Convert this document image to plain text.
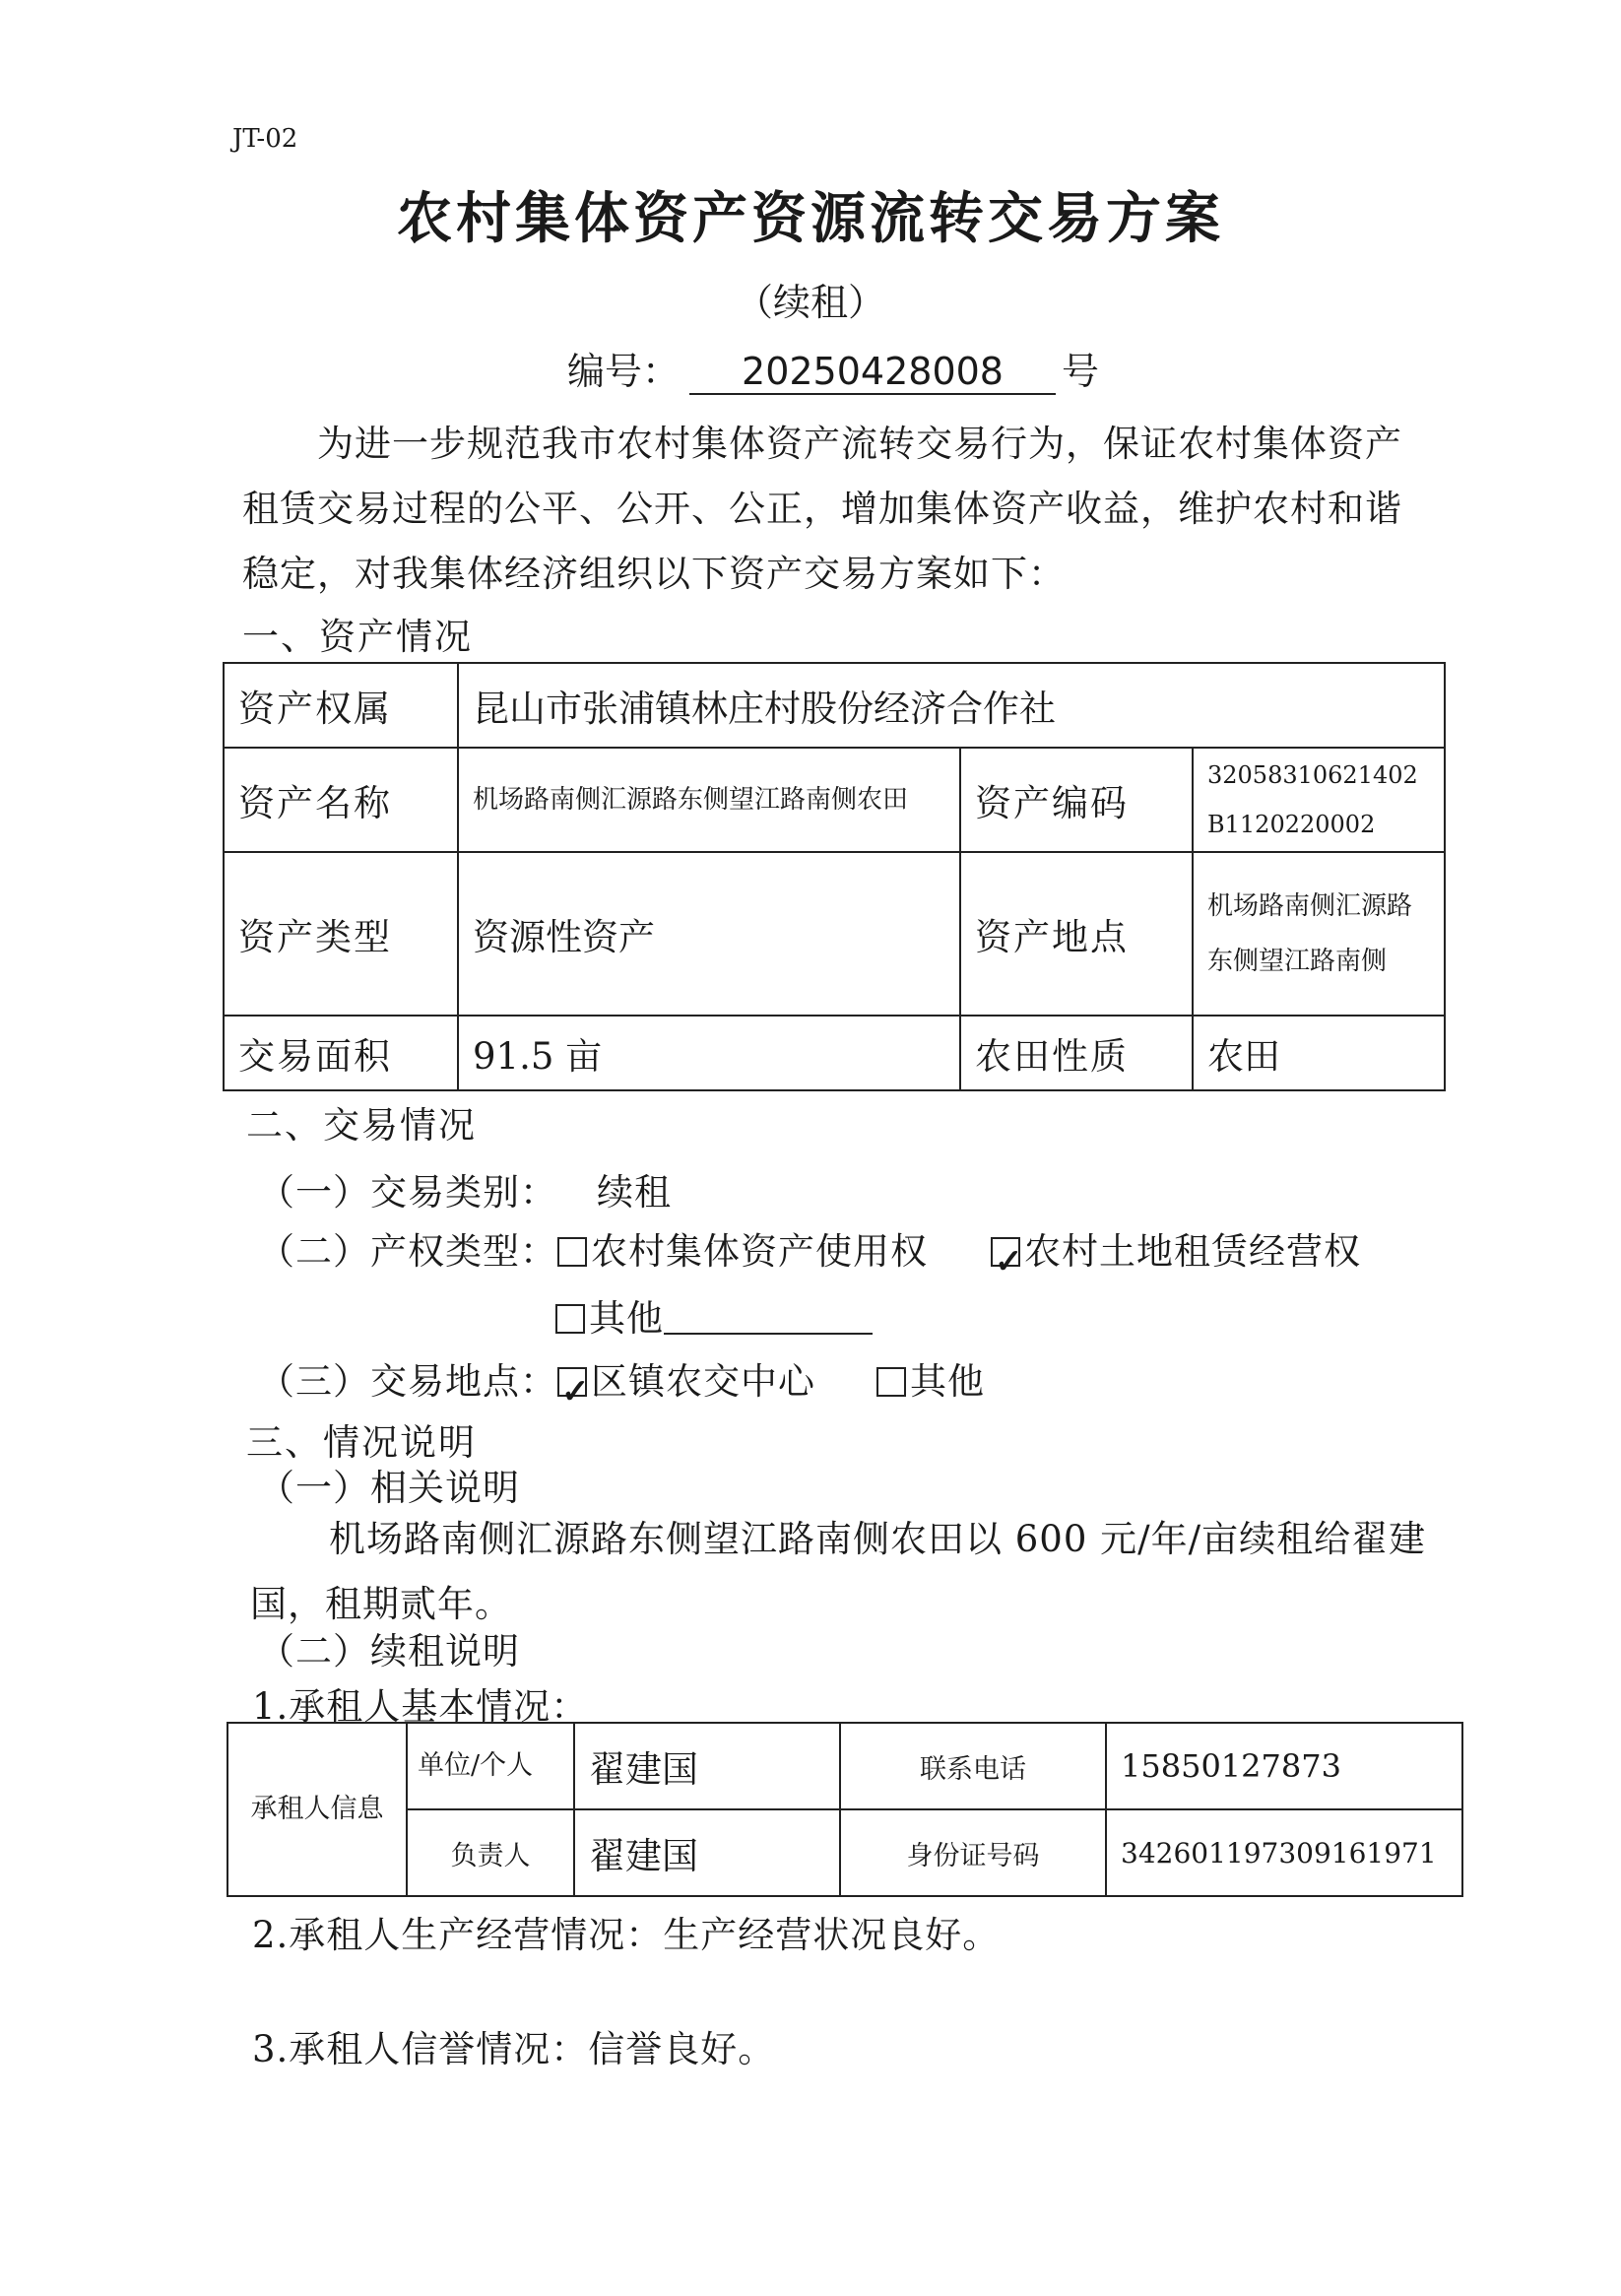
JT-02
农村集体资产资源流转交易方案
（续租）
编号： 20250428008 号
为进一步规范我市农村集体资产流转交易行为，保证农村集体资产租赁交易过程的公平、公开、公正，增加集体资产收益，维护农村和谐稳定，对我集体经济组织以下资产交易方案如下：
一、资产情况
资产权属	昆山市张浦镇林庄村股份经济合作社		
资产名称	机场路南侧汇源路东侧望江路南侧农田	资产编码	32058310621402B1120220002
资产类型	资源性资产	资产地点	机场路南侧汇源路东侧望江路南侧
交易面积	91.5 亩	农田性质	农田
二、交易情况
（一）交易类别： 续租
（二）产权类型： 农村集体资产使用权 ✓	农村土地租赁经营权
其他
（三）交易地点： ✓ 区镇农交中心	其他
三、情况说明
（一）相关说明
机场路南侧汇源路东侧望江路南侧农田以 600 元/年/亩续租给翟建国，租期贰年。
（二）续租说明
1.承租人基本情况：
承租人信息	单位/个人	翟建国	联系电话	15850127873
	负责人	翟建国	身份证号码	342601197309161971
2.承租人生产经营情况：生产经营状况良好。
3.承租人信誉情况：信誉良好。
